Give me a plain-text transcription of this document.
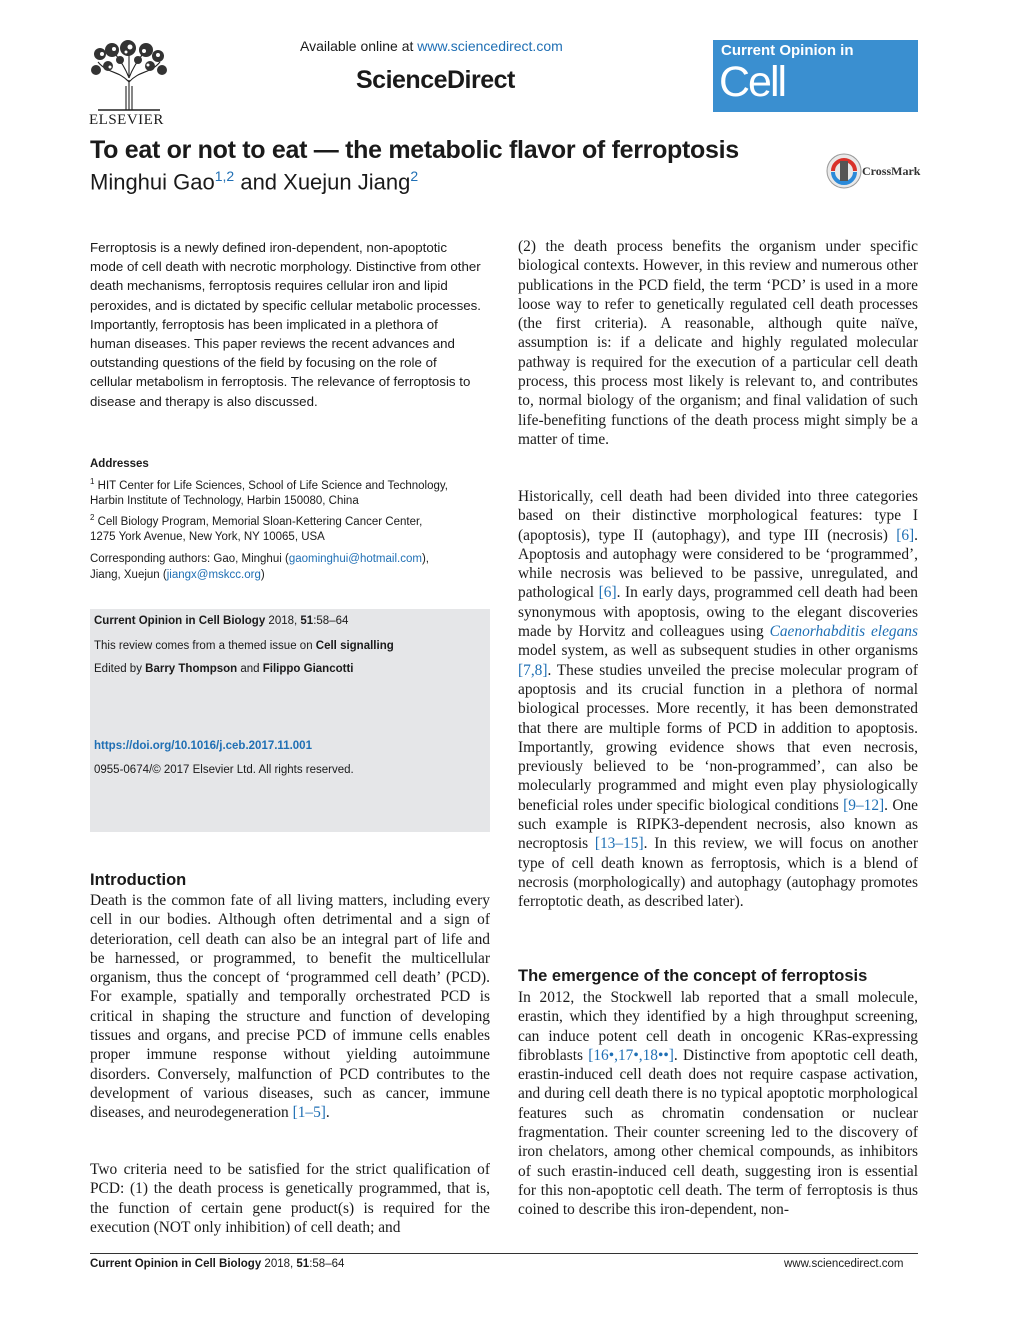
ELSEVIER
Available online at www.sciencedirect.com
ScienceDirect
Current Opinion in
Cell Biology
To eat or not to eat — the metabolic flavor of ferroptosis
Minghui Gao$^{1,2}$ and Xuejun Jiang$^2$	CrossMark
Ferroptosis is a newly defined iron-dependent, non-apoptotic mode of cell death with necrotic morphology. Distinctive from other death mechanisms, ferroptosis requires cellular iron and lipid peroxides, and is dictated by specific cellular metabolic processes. Importantly, ferroptosis has been implicated in a plethora of human diseases. This paper reviews the recent advances and outstanding questions of the field by focusing on the role of cellular metabolism in ferroptosis. The relevance of ferroptosis to disease and therapy is also discussed.
Addresses
$^1$ HIT Center for Life Sciences, School of Life Science and Technology,
Harbin Institute of Technology, Harbin 150080, China
$^2$ Cell Biology Program, Memorial Sloan-Kettering Cancer Center,
1275 York Avenue, New York, NY 10065, USA
Corresponding authors: Gao, Minghui (gaominghui@hotmail.com),
Jiang, Xuejun (jiangx@mskcc.org)
Current Opinion in Cell Biology 2018, 51:58–64
This review comes from a themed issue on Cell signalling
Edited by Barry Thompson and Filippo Giancotti
https://doi.org/10.1016/j.ceb.2017.11.001
0955-0674/© 2017 Elsevier Ltd. All rights reserved.
Introduction
Death is the common fate of all living matters, including every cell in our bodies. Although often detrimental and a sign of deterioration, cell death can also be an integral part of life and be harnessed, or programmed, to benefit the multicellular organism, thus the concept of ‘programmed cell death’ (PCD). For example, spatially and temporally orchestrated PCD is critical in shaping the structure and function of developing tissues and organs, and precise PCD of immune cells enables proper immune response without yielding autoimmune disorders. Conversely, malfunction of PCD contributes to the development of various diseases, such as cancer, immune diseases, and neurodegeneration [1–5].
Two criteria need to be satisfied for the strict qualification of PCD: (1) the death process is genetically programmed, that is, the function of certain gene product(s) is required for the execution (NOT only inhibition) of cell death; and
(2) the death process benefits the organism under specific biological contexts. However, in this review and numerous other publications in the PCD field, the term ‘PCD’ is used in a more loose way to refer to genetically regulated cell death processes (the first criteria). A reasonable, although quite naïve, assumption is: if a delicate and highly regulated molecular pathway is required for the execution of a particular cell death process, this process most likely is relevant to, and contributes to, normal biology of the organism; and final validation of such life-benefiting functions of the death process might simply be a matter of time.
Historically, cell death had been divided into three categories based on their distinctive morphological features: type I (apoptosis), type II (autophagy), and type III (necrosis) [6]. Apoptosis and autophagy were considered to be ‘programmed’, while necrosis was believed to be passive, unregulated, and pathological [6]. In early days, programmed cell death had been synonymous with apoptosis, owing to the elegant discoveries made by Horvitz and colleagues using Caenorhabditis elegans model system, as well as subsequent studies in other organisms [7,8]. These studies unveiled the precise molecular program of apoptosis and its crucial function in a plethora of normal biological processes. More recently, it has been demonstrated that there are multiple forms of PCD in addition to apoptosis. Importantly, growing evidence shows that even necrosis, previously believed to be ‘non-programmed’, can also be molecularly programmed and might even play physiologically beneficial roles under specific biological conditions [9–12]. One such example is RIPK3-dependent necrosis, also known as necroptosis [13–15]. In this review, we will focus on another type of cell death known as ferroptosis, which is a blend of necrosis (morphologically) and autophagy (autophagy promotes ferroptotic death, as described later).
The emergence of the concept of ferroptosis
In 2012, the Stockwell lab reported that a small molecule, erastin, which they identified by a high throughput screening, can induce potent cell death in oncogenic KRas-expressing fibroblasts [16•,17•,18••]. Distinctive from apoptotic cell death, erastin-induced cell death does not require caspase activation, and during cell death there is no typical apoptotic morphological features such as chromatin condensation or nuclear fragmentation. Their counter screening led to the discovery of iron chelators, among other chemical compounds, as inhibitors of such erastin-induced cell death, suggesting iron is essential for this non-apoptotic cell death. The term of ferroptosis is thus coined to describe this iron-dependent, non-
Current Opinion in Cell Biology 2018, 51:58–64	www.sciencedirect.com
